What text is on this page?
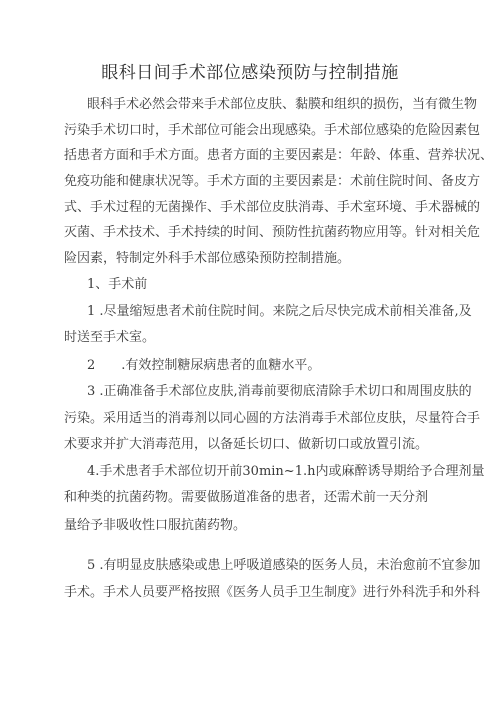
眼科日间手术部位感染预防与控制措施
眼科手术必然会带来手术部位皮肤、黏膜和组织的损伤，当有微生物
污染手术切口时，手术部位可能会出现感染。手术部位感染的危险因素包
括患者方面和手术方面。患者方面的主要因素是：年龄、体重、营养状况、
免疫功能和健康状况等。手术方面的主要因素是：术前住院时间、备皮方
式、手术过程的无菌操作、手术部位皮肤消毒、手术室环境、手术器械的
灭菌、手术技术、手术持续的时间、预防性抗菌药物应用等。针对相关危
险因素，特制定外科手术部位感染预防控制措施。
1、手术前
1 .尽量缩短患者术前住院时间。来院之后尽快完成术前相关准备,及
时送至手术室。
2　　.有效控制糖尿病患者的血糖水平。
3 .正确准备手术部位皮肤,消毒前要彻底清除手术切口和周围皮肤的
污染。采用适当的消毒剂以同心圆的方法消毒手术部位皮肤，尽量符合手
术要求并扩大消毒范用，以备延长切口、做新切口或放置引流。
4.手术患者手术部位切开前30min~1.h内或麻醉诱导期给予合理剂量
和种类的抗菌药物。需要做肠道准备的患者，还需术前一天分剂
量给予非吸收性口服抗菌药物。
5 .有明显皮肤感染或患上呼吸道感染的医务人员，未治愈前不宜参加
手术。手术人员要严格按照《医务人员手卫生制度》进行外科洗手和外科
